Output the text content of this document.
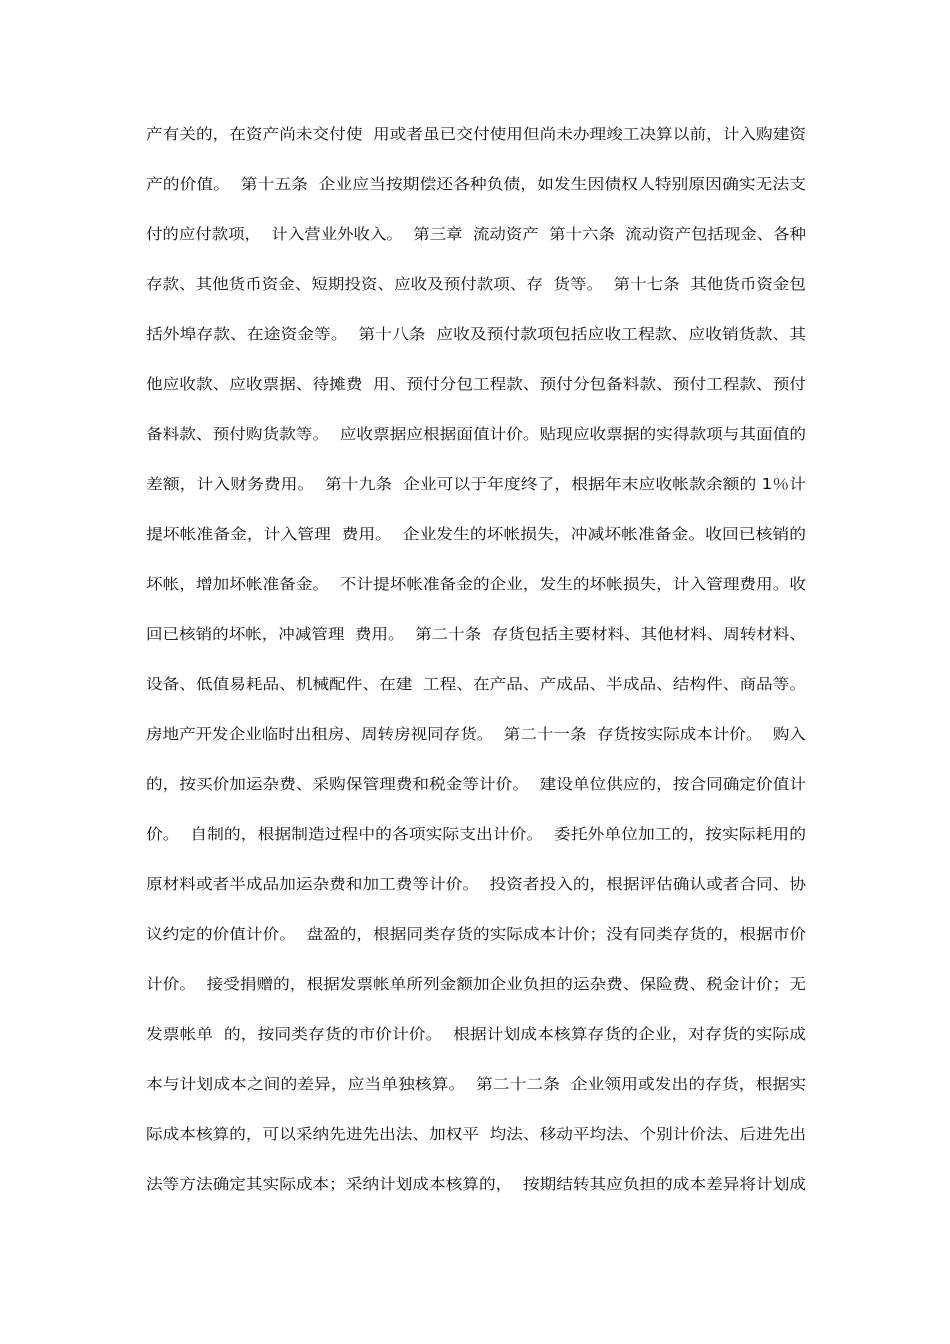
产有关的，在资产尚未交付使  用或者虽已交付使用但尚未办理竣工决算以前，计入购建资
产的价值。  第十五条  企业应当按期偿还各种负债，如发生因债权人特别原因确实无法支
付的应付款项，  计入营业外收入。  第三章  流动资产  第十六条  流动资产包括现金、各种
存款、其他货币资金、短期投资、应收及预付款项、存  货等。  第十七条  其他货币资金包
括外埠存款、在途资金等。  第十八条  应收及预付款项包括应收工程款、应收销货款、其
他应收款、应收票据、待摊费  用、预付分包工程款、预付分包备料款、预付工程款、预付
备料款、预付购货款等。  应收票据应根据面值计价。贴现应收票据的实得款项与其面值的
差额，计入财务费用。  第十九条  企业可以于年度终了，根据年末应收帐款余额的 1％计
提坏帐准备金，计入管理  费用。  企业发生的坏帐损失，冲减坏帐准备金。收回已核销的
坏帐，增加坏帐准备金。  不计提坏帐准备金的企业，发生的坏帐损失，计入管理费用。收
回已核销的坏帐，冲减管理  费用。  第二十条  存货包括主要材料、其他材料、周转材料、
设备、低值易耗品、机械配件、在建  工程、在产品、产成品、半成品、结构件、商品等。
房地产开发企业临时出租房、周转房视同存货。  第二十一条  存货按实际成本计价。  购入
的，按买价加运杂费、采购保管理费和税金等计价。  建设单位供应的，按合同确定价值计
价。  自制的，根据制造过程中的各项实际支出计价。  委托外单位加工的，按实际耗用的
原材料或者半成品加运杂费和加工费等计价。  投资者投入的，根据评估确认或者合同、协
议约定的价值计价。  盘盈的，根据同类存货的实际成本计价；没有同类存货的，根据市价
计价。  接受捐赠的，根据发票帐单所列金额加企业负担的运杂费、保险费、税金计价；无
发票帐单  的，按同类存货的市价计价。  根据计划成本核算存货的企业，对存货的实际成
本与计划成本之间的差异，应当单独核算。  第二十二条  企业领用或发出的存货，根据实
际成本核算的，可以采纳先进先出法、加权平  均法、移动平均法、个别计价法、后进先出
法等方法确定其实际成本；采纳计划成本核算的，  按期结转其应负担的成本差异将计划成
